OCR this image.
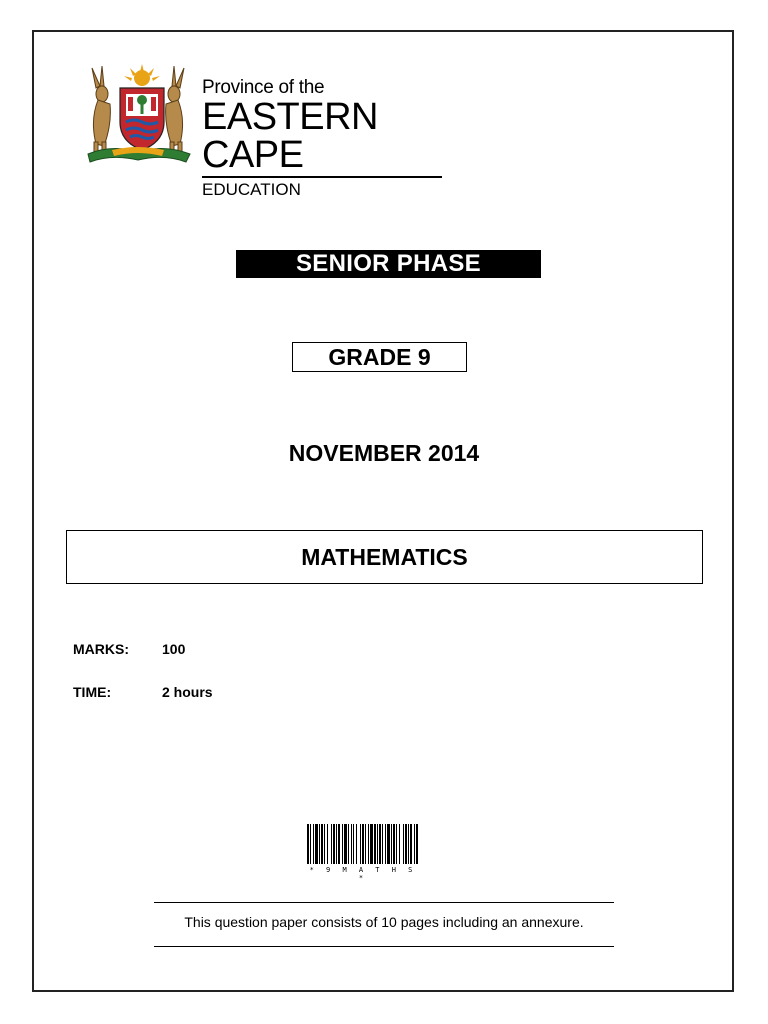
Province of the
EASTERN CAPE
EDUCATION
SENIOR PHASE
GRADE 9
NOVEMBER 2014
MATHEMATICS
MARKS: 100
TIME:	2 hours
* 9 M A T H S *
This question paper consists of 10 pages including an annexure.
